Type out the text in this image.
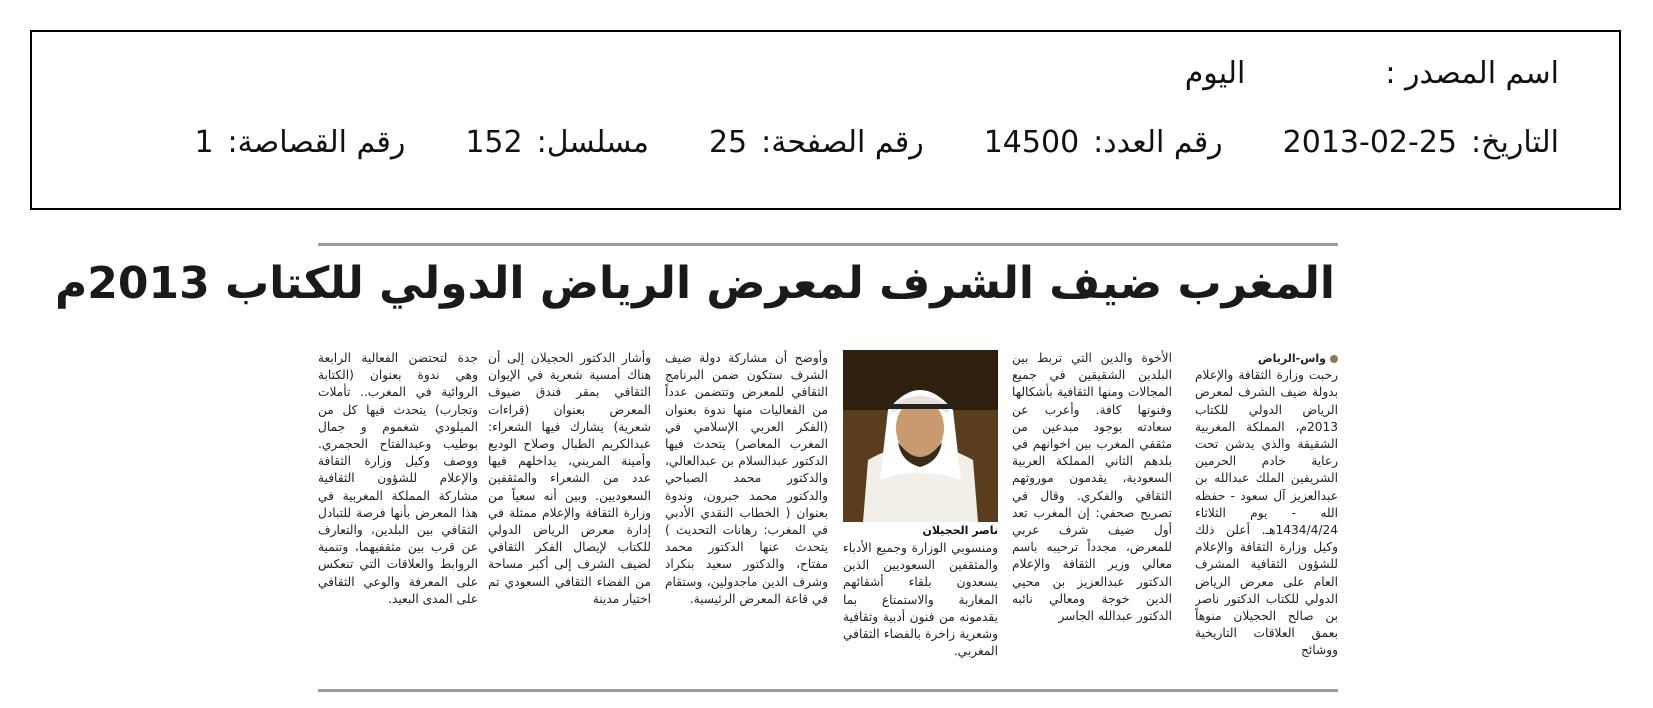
اسم المصدر :
اليوم
التاريخ:
2013-02-25
رقم العدد:
14500
رقم الصفحة:
25
مسلسل:
152
رقم القصاصة:
1
المغرب ضيف الشرف لمعرض الرياض الدولي للكتاب 2013م
واس-الرياض

رحبت وزارة الثقافة والإعلام بدولة ضيف الشرف لمعرض الرياض الدولي للكتاب 2013م، المملكة المغربية الشقيقة والذي يدشن تحت رعاية خادم الحرمين الشريفين الملك عبدالله بن عبدالعزيز آل سعود - حفظه الله - يوم الثلاثاء 1434/4/24هـ. أعلن ذلك وكيل وزارة الثقافة والإعلام للشؤون الثقافية المشرف العام على معرض الرياض الدولي للكتاب الدكتور ناصر بن صالح الحجيلان منوهاً بعمق العلاقات التاريخية ووشائج

الأخوة والدين التي تربط بين البلدين الشقيقين في جميع المجالات ومنها الثقافية بأشكالها وفنونها كافة. وأعرب عن سعادته بوجود مبدعين من مثقفي المغرب بين اخوانهم في بلدهم الثاني المملكة العربية السعودية، يقدمون موروثهم الثقافي والفكري. وقال في تصريح صحفي: إن المغرب تعد أول ضيف شرف عربي للمعرض، مجدداً ترحيبه باسم معالي وزير الثقافة والإعلام الدكتور عبدالعزيز بن محيي الدين خوجة ومعالي نائبه الدكتور عبدالله الجاسر

ناصر الحجيلان

ومنسوبي الوزارة وجميع الأدباء والمثقفين السعوديين الذين يسعدون بلقاء أشقائهم المغاربة والاستمتاع بما يقدمونه من فنون أدبية وثقافية وشعرية زاخرة بالفضاء الثقافي المغربي.

وأوضح أن مشاركة دولة ضيف الشرف ستكون ضمن البرنامج الثقافي للمعرض وتتضمن عدداً من الفعاليات منها ندوة بعنوان (الفكر العربي الإسلامي في المغرب المعاصر) يتحدث فيها الدكتور عبدالسلام بن عبدالعالي، والدكتور محمد الصباحي والدكتور محمد جبرون، وندوة بعنوان ( الخطاب النقدي الأدبي في المغرب: رهانات التحديث ) يتحدث عنها الدكتور محمد مفتاح، والدكتور سعيد بنكراد وشرف الدين ماجدولين، وستقام في قاعة المعرض الرئيسية.

وأشار الدكتور الحجيلان إلى أن هناك أمسية شعرية في الإيوان الثقافي بمقر فندق ضيوف المعرض بعنوان (قراءات شعرية) يشارك فيها الشعراء: عبدالكريم الطبال وصلاح الوديع وأمينة المريني، يداخلهم فيها عدد من الشعراء والمثقفين السعوديين. وبين أنه سعياً من وزارة الثقافة والإعلام ممثلة في إدارة معرض الرياض الدولي للكتاب لإيصال الفكر الثقافي لضيف الشرف إلى أكبر مساحة من الفضاء الثقافي السعودي تم اختيار مدينة

جدة لتحتضن الفعالية الرابعة وهي ندوة بعنوان (الكتابة الروائية في المغرب.. تأملات وتجارب) يتحدث فيها كل من الميلودي شغموم و جمال بوطيب وعبدالفتاح الحجمري. ووصف وكيل وزارة الثقافة والإعلام للشؤون الثقافية مشاركة المملكة المغربية في هذا المعرض بأنها فرصة للتبادل الثقافي بين البلدين، والتعارف عن قرب بين مثقفيهما، وتنمية الروابط والعلاقات التي تنعكس على المعرفة والوعي الثقافي على المدى البعيد.
